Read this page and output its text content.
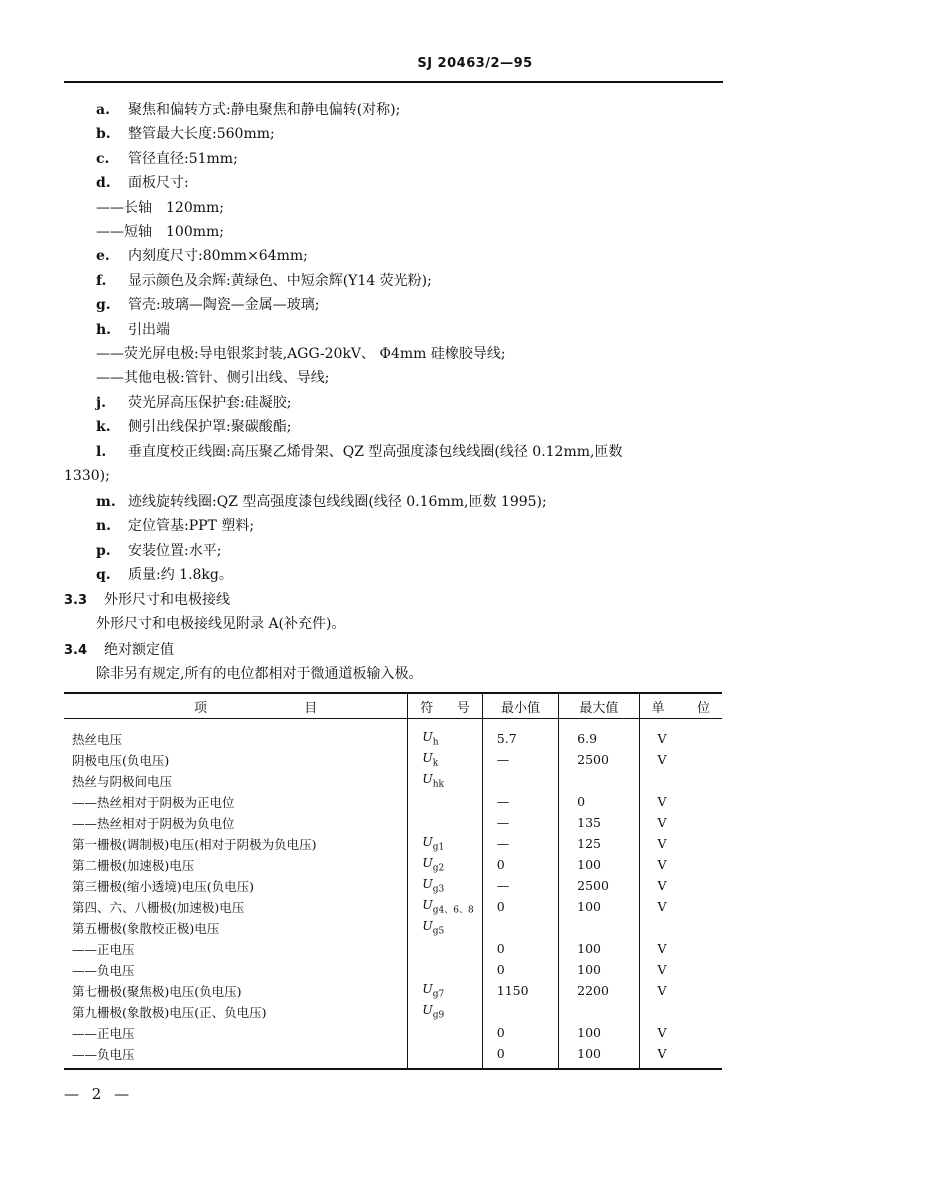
SJ 20463/2—95
a. 聚焦和偏转方式:静电聚焦和静电偏转(对称);
b. 整管最大长度:560mm;
c. 管径直径:51mm;
d. 面板尺寸:
——长轴　120mm;
——短轴　100mm;
e. 内刻度尺寸:80mm×64mm;
f. 显示颜色及余辉:黄绿色、中短余辉(Y14 荧光粉);
g. 管壳:玻璃—陶瓷—金属—玻璃;
h. 引出端
——荧光屏电极:导电银浆封装,AGG-20kV、 Φ4mm 硅橡胶导线;
——其他电极:管针、侧引出线、导线;
j. 荧光屏高压保护套:硅凝胶;
k. 侧引出线保护罩:聚碳酸酯;
l. 垂直度校正线圈:高压聚乙烯骨架、QZ 型高强度漆包线线圈(线径 0.12mm,匝数
1330);
m. 迹线旋转线圈:QZ 型高强度漆包线线圈(线径 0.16mm,匝数 1995);
n. 定位管基:PPT 塑料;
p. 安装位置:水平;
q. 质量:约 1.8kg。
3.3 外形尺寸和电极接线
外形尺寸和电极接线见附录 A(补充件)。
3.4 绝对额定值
除非另有规定,所有的电位都相对于微通道板输入极。
项 目	符 号	最小值	最大值	单 位

热丝电压	$U_h$	5.7	6.9	V
阴极电压(负电压)	$U_k$	—	2500	V
热丝与阴极间电压	$U_{hk}$			
——热丝相对于阴极为正电位		—	0	V
——热丝相对于阴极为负电位		—	135	V
第一栅极(调制极)电压(相对于阴极为负电压)	$U_{g1}$	—	125	V
第二栅极(加速极)电压	$U_{g2}$	0	100	V
第三栅极(缩小透境)电压(负电压)	$U_{g3}$	—	2500	V
第四、六、八栅极(加速极)电压	$U_{g4、6、8}$	0	100	V
第五栅极(象散校正极)电压	$U_{g5}$			
——正电压		0	100	V
——负电压		0	100	V
第七栅极(聚焦极)电压(负电压)	$U_{g7}$	1150	2200	V
第九栅极(象散极)电压(正、负电压)	$U_{g9}$			
——正电压		0	100	V
——负电压		0	100	V
— 2 —
